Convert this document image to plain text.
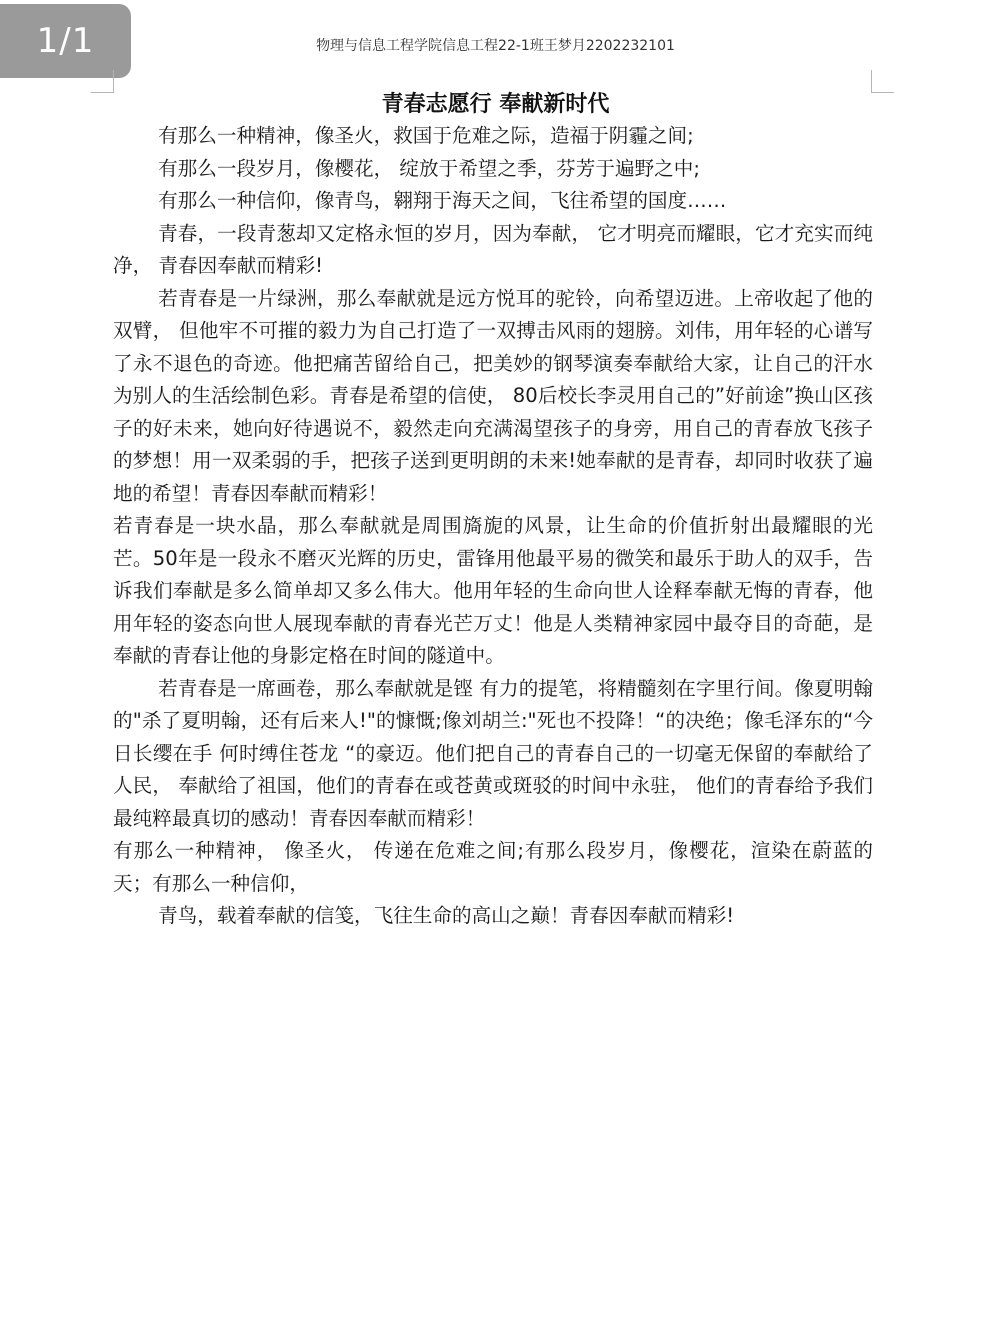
1/1	物理与信息工程学院信息工程22-1班王梦月2202232101
青春志愿行 奉献新时代

有那么一种精神，像圣火，救国于危难之际，造福于阴霾之间;

有那么一段岁月，像樱花， 绽放于希望之季，芬芳于遍野之中;

有那么一种信仰，像青鸟，翱翔于海天之间，飞往希望的国度……

青春，一段青葱却又定格永恒的岁月，因为奉献， 它才明亮而耀眼，它才充实而纯净， 青春因奉献而精彩!

若青春是一片绿洲，那么奉献就是远方悦耳的驼铃，向希望迈进。上帝收起了他的双臂， 但他牢不可摧的毅力为自己打造了一双搏击风雨的翅膀。刘伟，用年轻的心谱写了永不退色的奇迹。他把痛苦留给自己，把美妙的钢琴演奏奉献给大家，让自己的汗水为别人的生活绘制色彩。青春是希望的信使， 80后校长李灵用自己的”好前途”换山区孩子的好未来，她向好待遇说不，毅然走向充满渴望孩子的身旁，用自己的青春放飞孩子的梦想！用一双柔弱的手，把孩子送到更明朗的未来!她奉献的是青春，却同时收获了遍地的希望！青春因奉献而精彩！

若青春是一块水晶，那么奉献就是周围旖旎的风景，让生命的价值折射出最耀眼的光芒。50年是一段永不磨灭光辉的历史，雷锋用他最平易的微笑和最乐于助人的双手，告诉我们奉献是多么简单却又多么伟大。他用年轻的生命向世人诠释奉献无悔的青春，他用年轻的姿态向世人展现奉献的青春光芒万丈！他是人类精神家园中最夺目的奇葩，是奉献的青春让他的身影定格在时间的隧道中。

若青春是一席画卷，那么奉献就是铿 有力的提笔，将精髓刻在字里行间。像夏明翰的"杀了夏明翰，还有后来人!"的慷慨;像刘胡兰:"死也不投降！“的决绝；像毛泽东的“今日长缨在手 何时缚住苍龙 “的豪迈。他们把自己的青春自己的一切毫无保留的奉献给了人民， 奉献给了祖国，他们的青春在或苍黄或斑驳的时间中永驻， 他们的青春给予我们最纯粹最真切的感动！青春因奉献而精彩！

有那么一种精神， 像圣火， 传递在危难之间;有那么段岁月，像樱花，渲染在蔚蓝的天；有那么一种信仰，

青鸟，载着奉献的信笺，飞往生命的高山之巅！青春因奉献而精彩!
